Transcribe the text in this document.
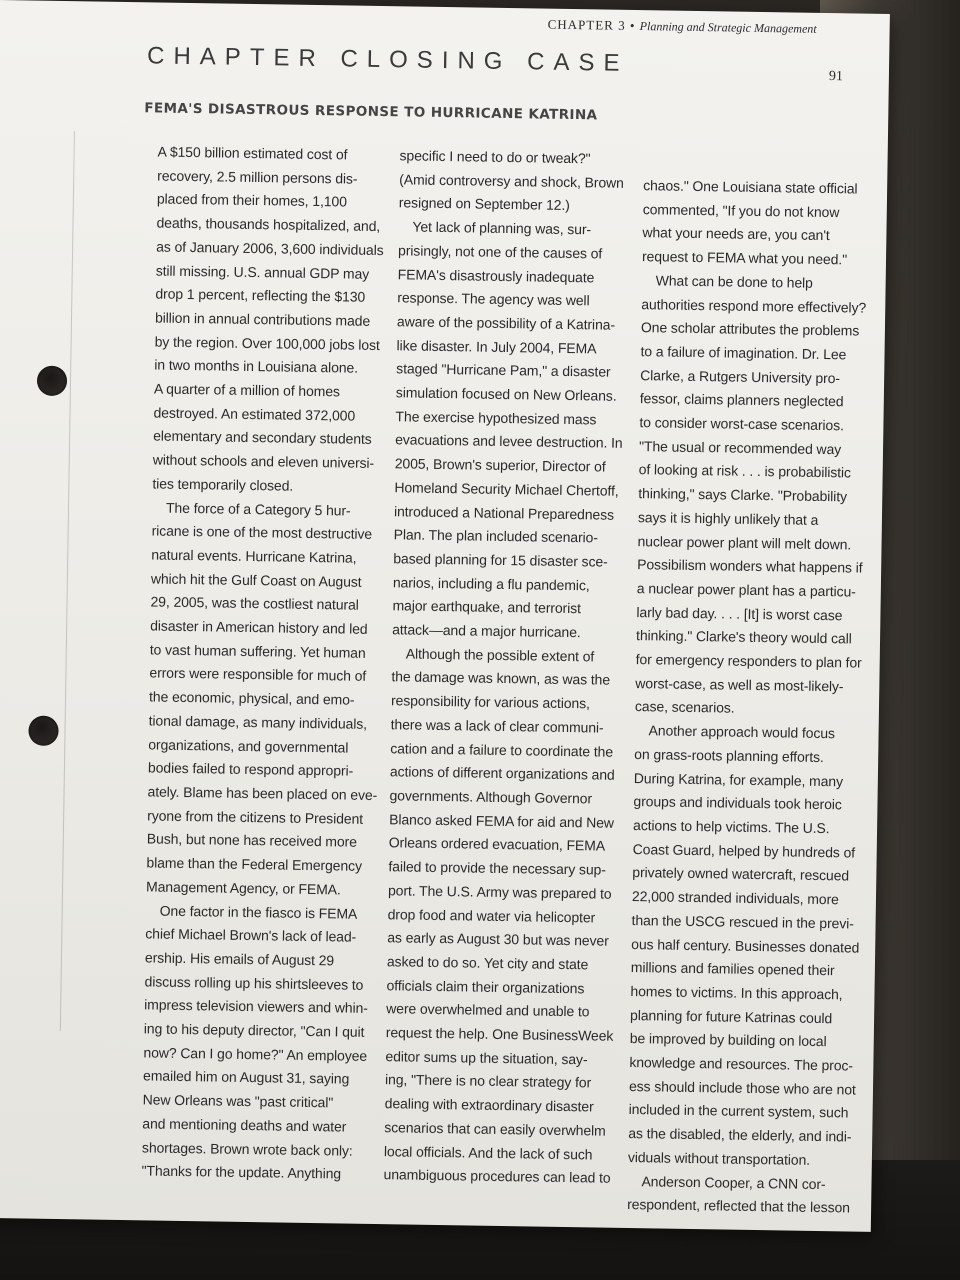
CHAPTER 3 • Planning and Strategic Management
91
CHAPTER CLOSING CASE
FEMA'S DISASTROUS RESPONSE TO HURRICANE KATRINA
A $150 billion estimated cost of
recovery, 2.5 million persons dis-
placed from their homes, 1,100
deaths, thousands hospitalized, and,
as of January 2006, 3,600 individuals
still missing. U.S. annual GDP may
drop 1 percent, reflecting the $130
billion in annual contributions made
by the region. Over 100,000 jobs lost
in two months in Louisiana alone.
A quarter of a million of homes
destroyed. An estimated 372,000
elementary and secondary students
without schools and eleven universi-
ties temporarily closed.
The force of a Category 5 hur-
ricane is one of the most destructive
natural events. Hurricane Katrina,
which hit the Gulf Coast on August
29, 2005, was the costliest natural
disaster in American history and led
to vast human suffering. Yet human
errors were responsible for much of
the economic, physical, and emo-
tional damage, as many individuals,
organizations, and governmental
bodies failed to respond appropri-
ately. Blame has been placed on eve-
ryone from the citizens to President
Bush, but none has received more
blame than the Federal Emergency
Management Agency, or FEMA.
One factor in the fiasco is FEMA
chief Michael Brown's lack of lead-
ership. His emails of August 29
discuss rolling up his shirtsleeves to
impress television viewers and whin-
ing to his deputy director, "Can I quit
now? Can I go home?" An employee
emailed him on August 31, saying
New Orleans was "past critical"
and mentioning deaths and water
shortages. Brown wrote back only:
"Thanks for the update. Anything
specific I need to do or tweak?"
(Amid controversy and shock, Brown
resigned on September 12.)
Yet lack of planning was, sur-
prisingly, not one of the causes of
FEMA's disastrously inadequate
response. The agency was well
aware of the possibility of a Katrina-
like disaster. In July 2004, FEMA
staged "Hurricane Pam," a disaster
simulation focused on New Orleans.
The exercise hypothesized mass
evacuations and levee destruction. In
2005, Brown's superior, Director of
Homeland Security Michael Chertoff,
introduced a National Preparedness
Plan. The plan included scenario-
based planning for 15 disaster sce-
narios, including a flu pandemic,
major earthquake, and terrorist
attack—and a major hurricane.
Although the possible extent of
the damage was known, as was the
responsibility for various actions,
there was a lack of clear communi-
cation and a failure to coordinate the
actions of different organizations and
governments. Although Governor
Blanco asked FEMA for aid and New
Orleans ordered evacuation, FEMA
failed to provide the necessary sup-
port. The U.S. Army was prepared to
drop food and water via helicopter
as early as August 30 but was never
asked to do so. Yet city and state
officials claim their organizations
were overwhelmed and unable to
request the help. One BusinessWeek
editor sums up the situation, say-
ing, "There is no clear strategy for
dealing with extraordinary disaster
scenarios that can easily overwhelm
local officials. And the lack of such
unambiguous procedures can lead to
chaos." One Louisiana state official
commented, "If you do not know
what your needs are, you can't
request to FEMA what you need."
What can be done to help
authorities respond more effectively?
One scholar attributes the problems
to a failure of imagination. Dr. Lee
Clarke, a Rutgers University pro-
fessor, claims planners neglected
to consider worst-case scenarios.
"The usual or recommended way
of looking at risk . . . is probabilistic
thinking," says Clarke. "Probability
says it is highly unlikely that a
nuclear power plant will melt down.
Possibilism wonders what happens if
a nuclear power plant has a particu-
larly bad day. . . . [It] is worst case
thinking." Clarke's theory would call
for emergency responders to plan for
worst-case, as well as most-likely-
case, scenarios.
Another approach would focus
on grass-roots planning efforts.
During Katrina, for example, many
groups and individuals took heroic
actions to help victims. The U.S.
Coast Guard, helped by hundreds of
privately owned watercraft, rescued
22,000 stranded individuals, more
than the USCG rescued in the previ-
ous half century. Businesses donated
millions and families opened their
homes to victims. In this approach,
planning for future Katrinas could
be improved by building on local
knowledge and resources. The proc-
ess should include those who are not
included in the current system, such
as the disabled, the elderly, and indi-
viduals without transportation.
Anderson Cooper, a CNN cor-
respondent, reflected that the lesson
